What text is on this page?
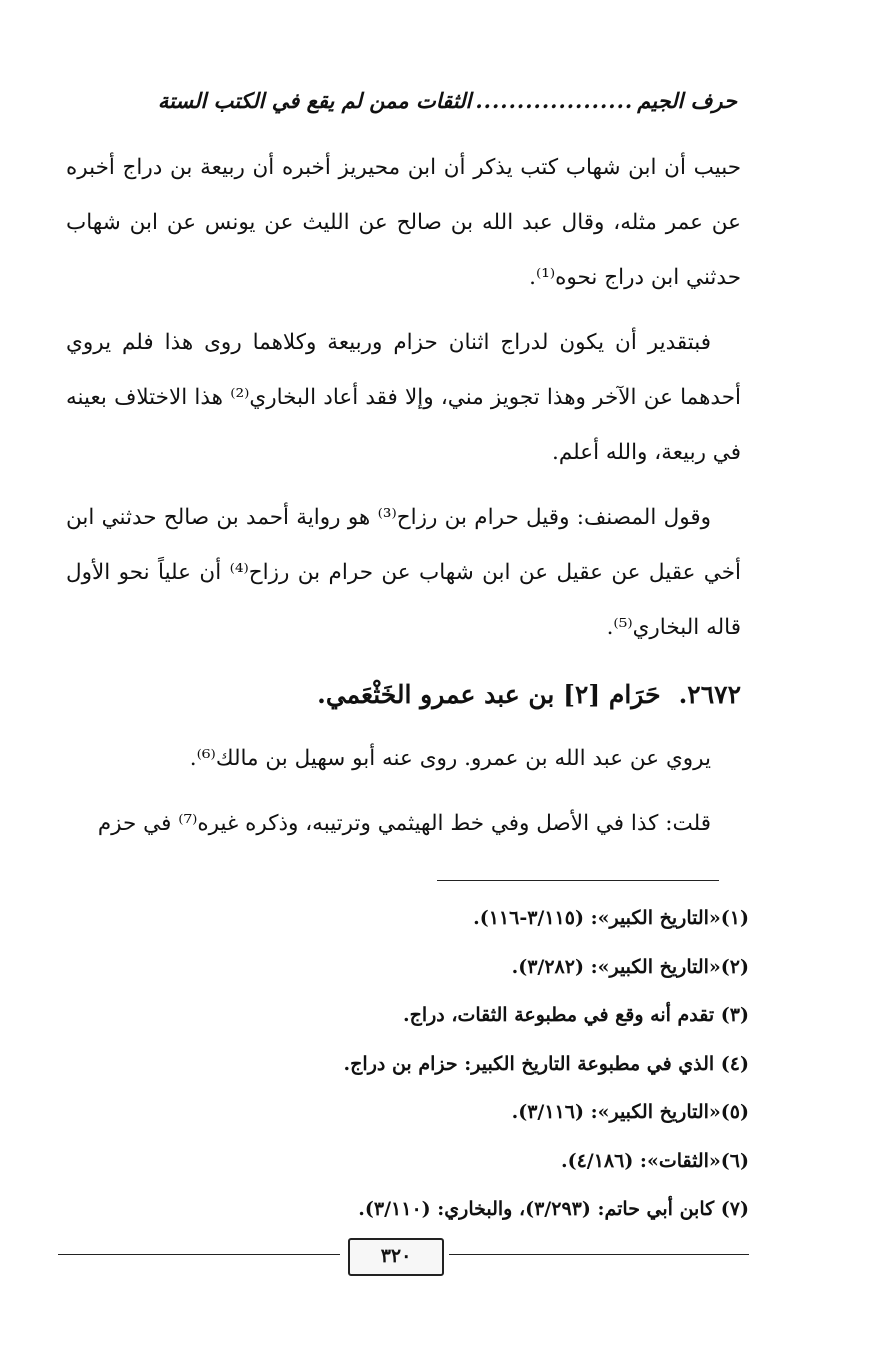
حرف الجيم
...................
الثقات ممن لم يقع في الكتب الستة

حبيب أن ابن شهاب كتب يذكر أن ابن محيريز أخبره أن ربيعة بن دراج أخبره عن عمر مثله، وقال عبد الله بن صالح عن الليث عن يونس عن ابن شهاب حدثني ابن دراج نحوه⁽¹⁾.

فبتقدير أن يكون لدراج اثنان حزام وربيعة وكلاهما روى هذا فلم يروي أحدهما عن الآخر وهذا تجويز مني، وإلا فقد أعاد البخاري⁽²⁾ هذا الاختلاف بعينه في ربيعة، والله أعلم.

وقول المصنف: وقيل حرام بن رزاح⁽³⁾ هو رواية أحمد بن صالح حدثني ابن أخي عقيل عن عقيل عن ابن شهاب عن حرام بن رزاح⁽⁴⁾ أن علياً نحو الأول قاله البخاري⁽⁵⁾.

٢٦٧٢.حَرَام [٢] بن عبد عمرو الخَثْعَمي.

يروي عن عبد الله بن عمرو. روى عنه أبو سهيل بن مالك⁽⁶⁾.

قلت: كذا في الأصل وفي خط الهيثمي وترتيبه، وذكره غيره⁽⁷⁾ في حزم

(١)«التاريخ الكبير»: (٣/١١٥-١١٦).

(٢)«التاريخ الكبير»: (٣/٢٨٢).

(٣) تقدم أنه وقع في مطبوعة الثقات، دراج.

(٤) الذي في مطبوعة التاريخ الكبير: حزام بن دراج.

(٥)«التاريخ الكبير»: (٣/١١٦).

(٦)«الثقات»: (٤/١٨٦).

(٧) كابن أبي حاتم: (٣/٢٩٣)، والبخاري: (٣/١١٠).

٣٢٠
